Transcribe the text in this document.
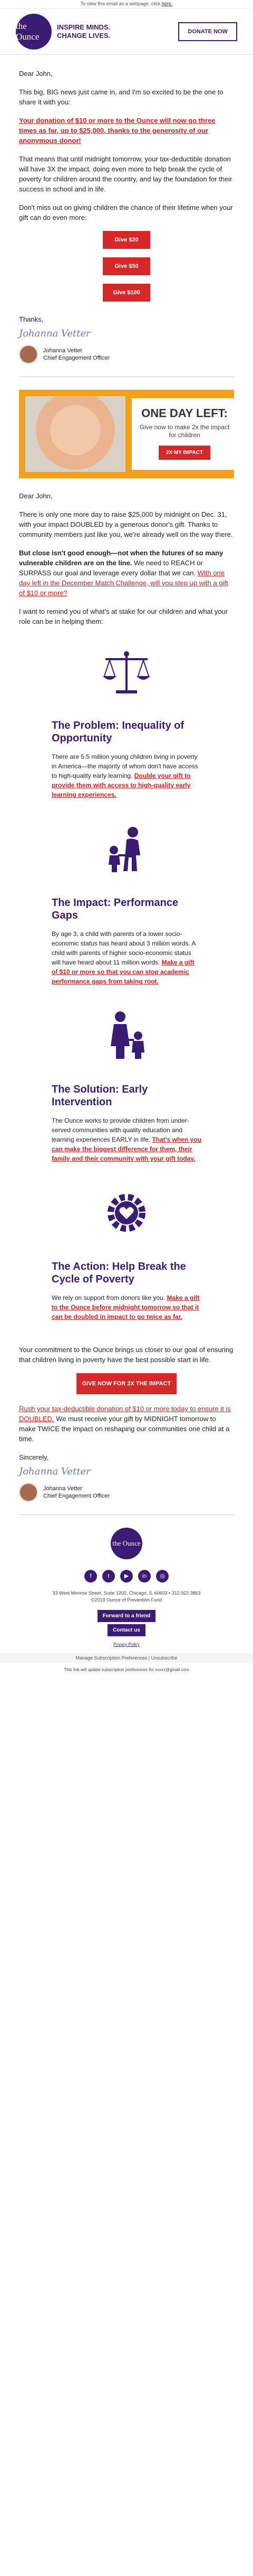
To view this email as a webpage, click here.
the Ounce
INSPIRE MINDS.
CHANGE LIVES.	DONATE NOW

Dear John,

This big, BIG news just came in, and I'm so excited to be the one to share it with you:

Your donation of $10 or more to the Ounce will now go three times as far, up to $25,000, thanks to the generosity of our anonymous donor!

That means that until midnight tomorrow, your tax-deductible donation will have 3X the impact, doing even more to help break the cycle of poverty for children around the country, and lay the foundation for their success in school and in life.

Don't miss out on giving children the chance of their lifetime when your gift can do even more:

Give $20
Give $50
Give $100

Thanks,

Johanna Vetter
Johanna Vetter
Chief Engagement Officer
ONE DAY LEFT:
Give now to make 2x the impact for children
2X MY IMPACT

Dear John,

There is only one more day to raise $25,000 by midnight on Dec. 31, with your impact DOUBLED by a generous donor's gift. Thanks to community members just like you, we're already well on the way there.

But close isn't good enough—not when the futures of so many vulnerable children are on the line. We need to REACH or SURPASS our goal and leverage every dollar that we can. With one day left in the December Match Challenge, will you step up with a gift of $10 or more?

I want to remind you of what's at stake for our children and what your role can be in helping them:

The Problem: Inequality of Opportunity

There are 5.5 million young children living in poverty in America—the majority of whom don't have access to high-quality early learning. Double your gift to provide them with access to high-quality early learning experiences.

The Impact: Performance Gaps

By age 3, a child with parents of a lower socio-economic status has heard about 3 million words. A child with parents of higher socio-economic status will have heard about 11 million words. Make a gift of $10 or more so that you can stop academic performance gaps from taking root.

The Solution: Early Intervention

The Ounce works to provide children from under-served communities with quality education and learning experiences EARLY in life. That's when you can make the biggest difference for them, their family and their community with your gift today.

The Action: Help Break the Cycle of Poverty

We rely on support from donors like you. Make a gift to the Ounce before midnight tomorrow so that it can be doubled in impact to go twice as far.

Your commitment to the Ounce brings us closer to our goal of ensuring that children living in poverty have the best possible start in life.

GIVE NOW FOR 2X THE IMPACT

Rush your tax-deductible donation of $10 or more today to ensure it is DOUBLED. We must receive your gift by MIDNIGHT tomorrow to make TWICE the impact on reshaping our communities one child at a time.

Sincerely,

Johanna Vetter
Johanna Vetter
Chief Engagement Officer
the Ounce
f	t	▶	in	◎
33 West Monroe Street, Suite 1200, Chicago, IL 60603 • 312.922.3863
©2019 Ounce of Prevention Fund
Forward to a friend
Contact us
Privacy Policy
Manage Subscription Preferences | Unsubscribe
This link will update subscription preferences for xxxxx@gmail.com
